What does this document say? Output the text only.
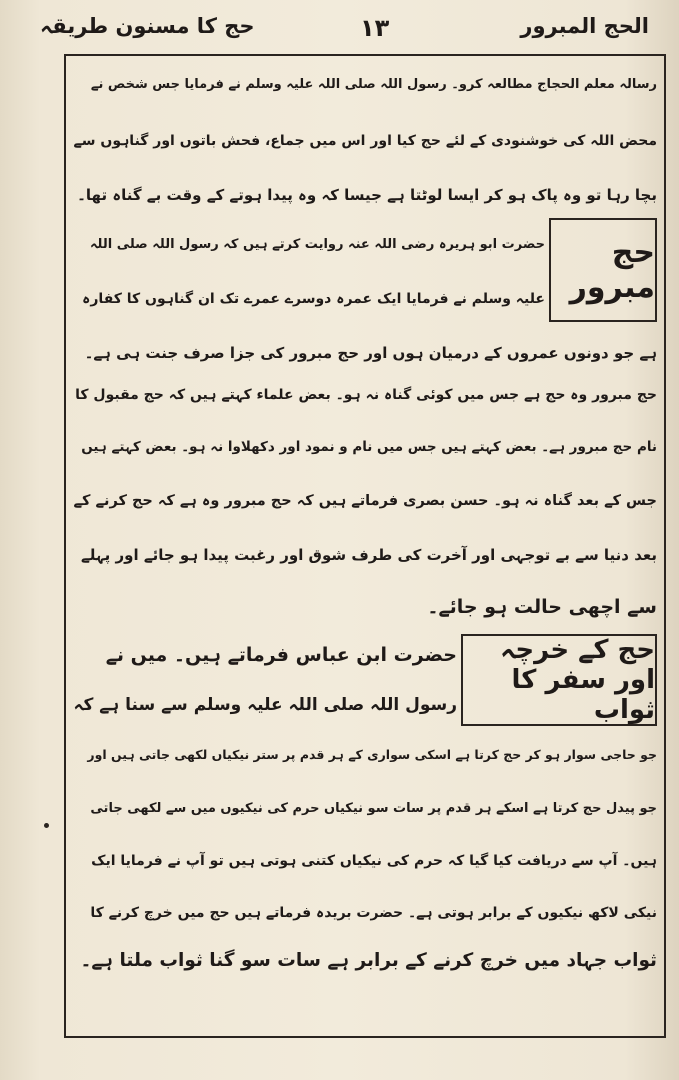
الحج المبرور
۱۳
حج کا مسنون طریقہ
رسالہ معلم الحجاج مطالعہ کرو۔ رسول اللہ صلی اللہ علیہ وسلم نے فرمایا جس شخص نے
محض اللہ کی خوشنودی کے لئے حج کیا اور اس میں جماع، فحش باتوں اور گناہوں سے
بچا رہا تو وہ پاک ہو کر ایسا لوٹتا ہے جیسا کہ وہ پیدا ہوتے کے وقت بے گناہ تھا۔
حج مبرور
حضرت ابو ہریرہ رضی اللہ عنہ روایت کرتے ہیں کہ رسول اللہ صلی اللہ
علیہ وسلم نے فرمایا ایک عمرہ دوسرے عمرے تک ان گناہوں کا کفارہ
ہے جو دونوں عمروں کے درمیان ہوں اور حج مبرور کی جزا صرف جنت ہی ہے۔
حج مبرور وہ حج ہے جس میں کوئی گناہ نہ ہو۔ بعض علماء کہتے ہیں کہ حج مقبول کا
نام حج مبرور ہے۔ بعض کہتے ہیں جس میں نام و نمود اور دکھلاوا نہ ہو۔ بعض کہتے ہیں
جس کے بعد گناہ نہ ہو۔ حسن بصری فرماتے ہیں کہ حج مبرور وہ ہے کہ حج کرنے کے
بعد دنیا سے بے توجہی اور آخرت کی طرف شوق اور رغبت پیدا ہو جائے اور پہلے
سے اچھی حالت ہو جائے۔
حج کے خرچہ اور سفر کا ثواب
حضرت ابن عباس فرماتے ہیں۔ میں نے
رسول اللہ صلی اللہ علیہ وسلم سے سنا ہے کہ
جو حاجی سوار ہو کر حج کرتا ہے اسکی سواری کے ہر قدم پر ستر نیکیاں لکھی جاتی ہیں اور
جو پیدل حج کرتا ہے اسکے ہر قدم پر سات سو نیکیاں حرم کی نیکیوں میں سے لکھی جاتی
ہیں۔ آپ سے دریافت کیا گیا کہ حرم کی نیکیاں کتنی ہوتی ہیں تو آپ نے فرمایا ایک
نیکی لاکھ نیکیوں کے برابر ہوتی ہے۔ حضرت بریدہ فرماتے ہیں حج میں خرچ کرنے کا
ثواب جہاد میں خرچ کرنے کے برابر ہے سات سو گنا ثواب ملتا ہے۔
